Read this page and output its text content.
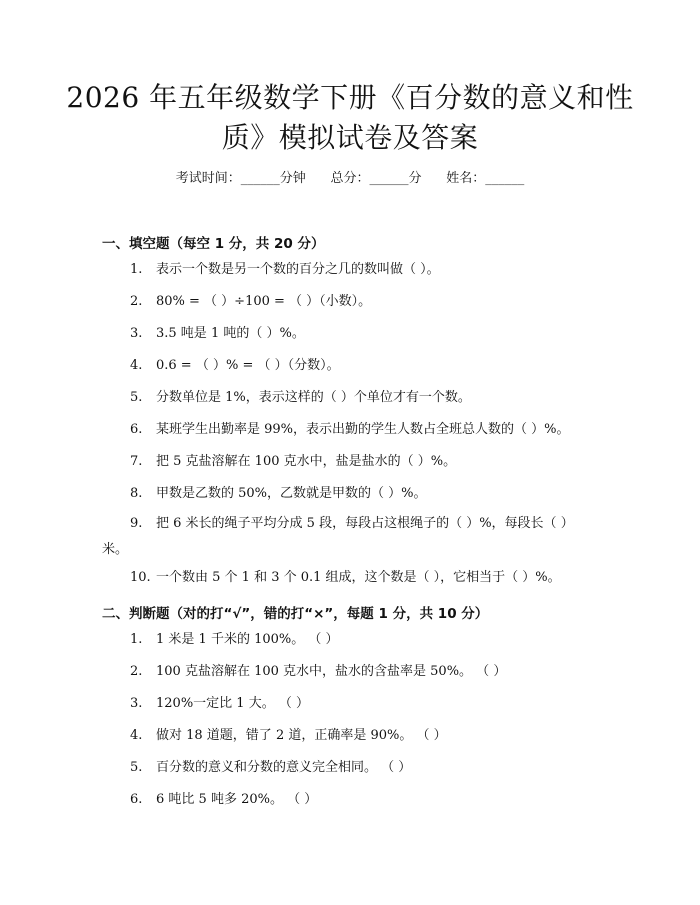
2026 年五年级数学下册《百分数的意义和性
质》模拟试卷及答案
考试时间：______分钟      总分：______分      姓名：______
一、填空题（每空 1 分，共 20 分）
1. 表示一个数是另一个数的百分之几的数叫做（ ）。
2. 80% = （ ）÷100 = （ ）（小数）。
3. 3.5 吨是 1 吨的（ ）%。
4. 0.6 = （ ）% = （ ）（分数）。
5. 分数单位是 1%，表示这样的（ ）个单位才有一个数。
6. 某班学生出勤率是 99%，表示出勤的学生人数占全班总人数的（ ）%。
7. 把 5 克盐溶解在 100 克水中，盐是盐水的（ ）%。
8. 甲数是乙数的 50%，乙数就是甲数的（ ）%。
9. 把 6 米长的绳子平均分成 5 段，每段占这根绳子的（ ）%，每段长（ ）
米。
10. 一个数由 5 个 1 和 3 个 0.1 组成，这个数是（ ），它相当于（ ）%。
二、判断题（对的打“√”，错的打“×”，每题 1 分，共 10 分）
1. 1 米是 1 千米的 100%。 （ ）
2. 100 克盐溶解在 100 克水中，盐水的含盐率是 50%。 （ ）
3. 120%一定比 1 大。 （ ）
4. 做对 18 道题，错了 2 道，正确率是 90%。 （ ）
5. 百分数的意义和分数的意义完全相同。 （ ）
6. 6 吨比 5 吨多 20%。 （ ）
